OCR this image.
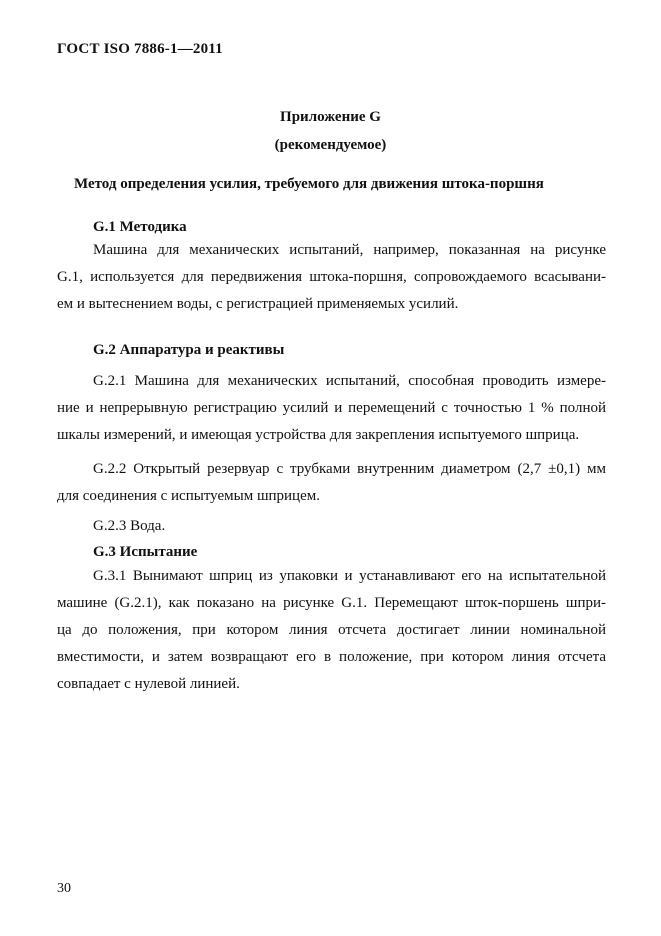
ГОСТ ISO 7886-1—2011
Приложение G
(рекомендуемое)
Метод определения усилия, требуемого для движения штока-поршня
G.1 Методика
Машина для механических испытаний, например, показанная на рисунке
G.1, используется для передвижения штока-поршня, сопровождаемого всасывани-
ем и вытеснением воды, с регистрацией применяемых усилий.
G.2 Аппаратура и реактивы
G.2.1 Машина для механических испытаний, способная проводить измере-
ние и непрерывную регистрацию усилий и перемещений с точностью 1 % полной
шкалы измерений, и имеющая устройства для закрепления испытуемого шприца.
G.2.2 Открытый резервуар с трубками внутренним диаметром (2,7 ±0,1) мм
для соединения с испытуемым шприцем.
G.2.3 Вода.
G.3 Испытание
G.3.1 Вынимают шприц из упаковки и устанавливают его на испытательной
машине (G.2.1), как показано на рисунке G.1. Перемещают шток-поршень шпри-
ца до положения, при котором линия отсчета достигает линии номинальной
вместимости, и затем возвращают его в положение, при котором линия отсчета
совпадает с нулевой линией.
30
